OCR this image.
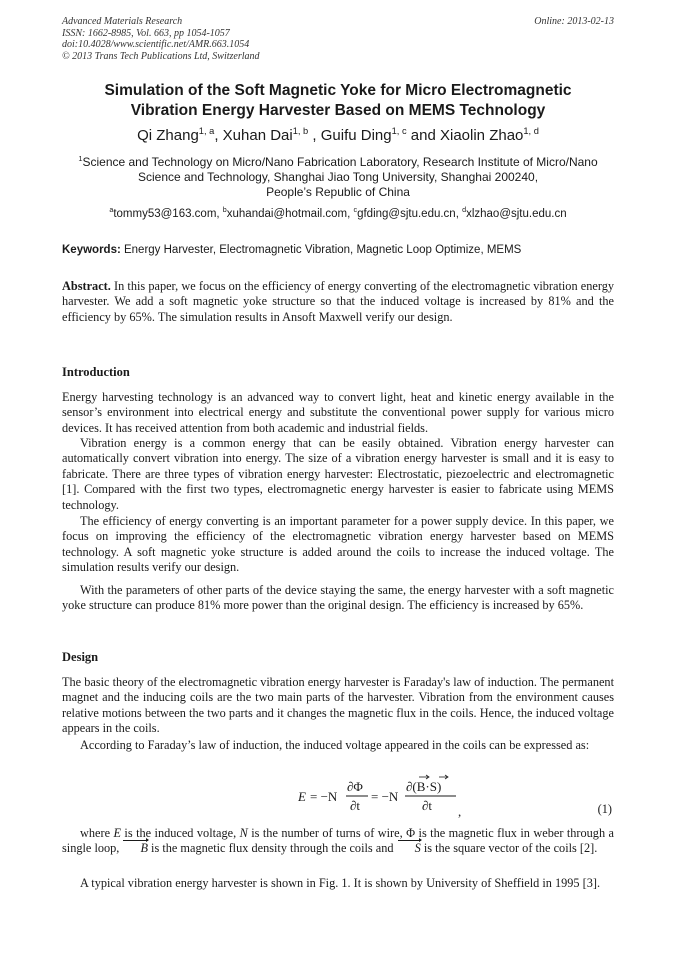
Advanced Materials Research
ISSN: 1662-8985, Vol. 663, pp 1054-1057
doi:10.4028/www.scientific.net/AMR.663.1054
© 2013 Trans Tech Publications Ltd, Switzerland
Online: 2013-02-13
Simulation of the Soft Magnetic Yoke for Micro Electromagnetic
Vibration Energy Harvester Based on MEMS Technology
Qi Zhang$^{1, a}$, Xuhan Dai$^{1, b}$ , Guifu Ding$^{1, c}$ and Xiaolin Zhao$^{1, d}$
$^1$Science and Technology on Micro/Nano Fabrication Laboratory, Research Institute of Micro/Nano
Science and Technology, Shanghai Jiao Tong University, Shanghai 200240,
People’s Republic of China
$^a$tommy53@163.com, $^b$xuhandai@hotmail.com, $^c$gfding@sjtu.edu.cn, $^d$xlzhao@sjtu.edu.cn
Keywords: Energy Harvester, Electromagnetic Vibration, Magnetic Loop Optimize, MEMS

Abstract. In this paper, we focus on the efficiency of energy converting of the electromagnetic vibration energy harvester. We add a soft magnetic yoke structure so that the induced voltage is increased by 81% and the efficiency by 65%. The simulation results in Ansoft Maxwell verify our design.

Introduction

Energy harvesting technology is an advanced way to convert light, heat and kinetic energy available in the sensor’s environment into electrical energy and substitute the conventional power supply for various micro devices. It has received attention from both academic and industrial fields.

Vibration energy is a common energy that can be easily obtained. Vibration energy harvester can automatically convert vibration into energy. The size of a vibration energy harvester is small and it is easy to fabricate. There are three types of vibration energy harvester: Electrostatic, piezoelectric and electromagnetic [1]. Compared with the first two types, electromagnetic energy harvester is easier to fabricate using MEMS technology.

The efficiency of energy converting is an important parameter for a power supply device. In this paper, we focus on improving the efficiency of the electromagnetic vibration energy harvester based on MEMS technology. A soft magnetic yoke structure is added around the coils to increase the induced voltage. The simulation results verify our design.

With the parameters of other parts of the device staying the same, the energy harvester with a soft magnetic yoke structure can produce 81% more power than the original design. The efficiency is increased by 65%.

Design

The basic theory of the electromagnetic vibration energy harvester is Faraday's law of induction. The permanent magnet and the inducing coils are the two main parts of the harvester. Vibration from the environment causes relative motions between the two parts and it changes the magnetic flux in the coils. Hence, the induced voltage appears in the coils.

According to Faraday’s law of induction, the induced voltage appeared in the coils can be expressed as:

E = −N
∂Φ
∂t
= −N
∂(B·S)
∂t ,	(1)

where E is the induced voltage, N is the number of turns of wire, Φ is the magnetic flux in weber through a single loop, B is the magnetic flux density through the coils and S is the square vector of the coils [2].

A typical vibration energy harvester is shown in Fig. 1. It is shown by University of Sheffield in 1995 [3].
